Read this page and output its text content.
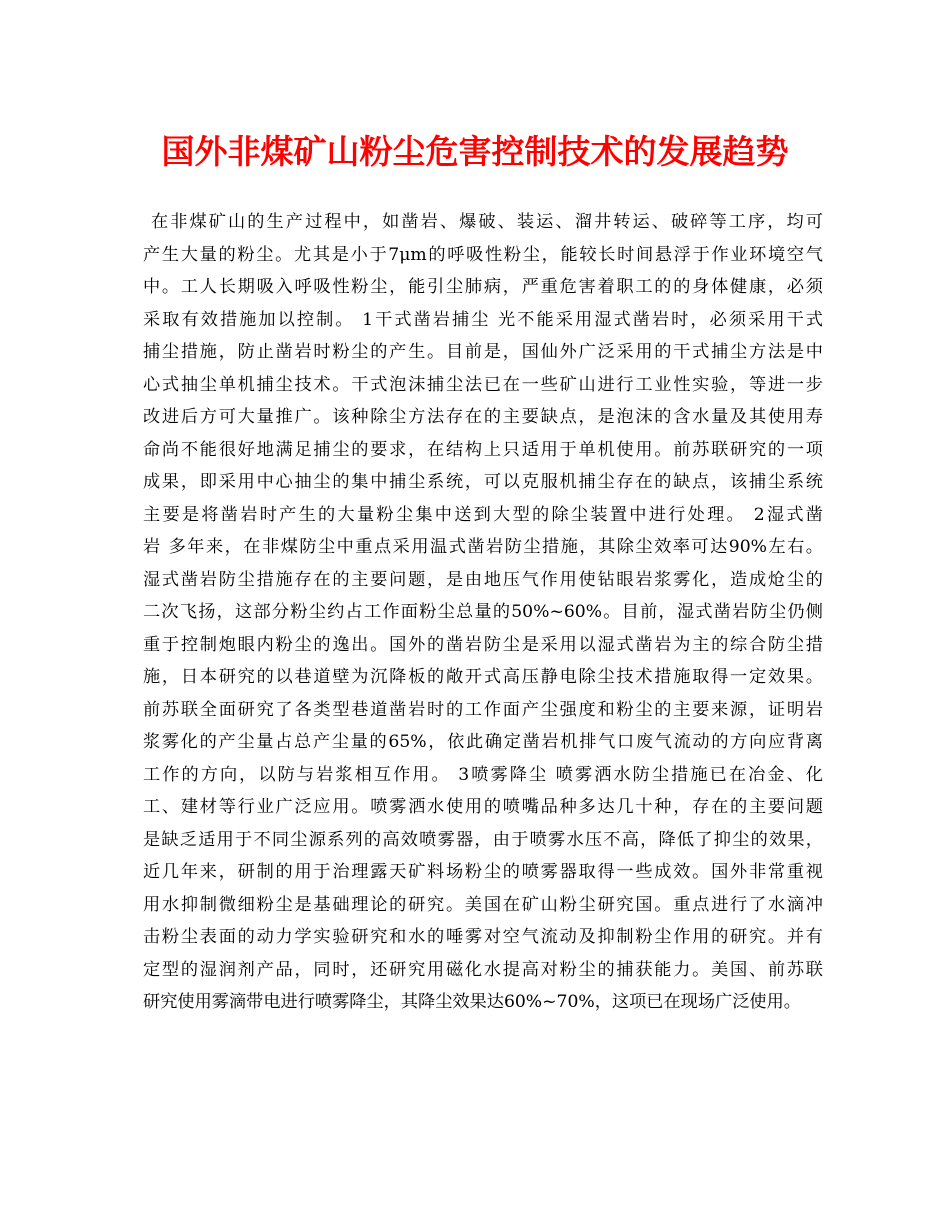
国外非煤矿山粉尘危害控制技术的发展趋势
在非煤矿山的生产过程中，如凿岩、爆破、装运、溜井转运、破碎等工序，均可
产生大量的粉尘。尤其是小于7μm的呼吸性粉尘，能较长时间悬浮于作业环境空气
中。工人长期吸入呼吸性粉尘，能引尘肺病，严重危害着职工的的身体健康，必须
采取有效措施加以控制。 1干式凿岩捕尘 光不能采用湿式凿岩时，必须采用干式
捕尘措施，防止凿岩时粉尘的产生。目前是，国仙外广泛采用的干式捕尘方法是中
心式抽尘单机捕尘技术。干式泡沫捕尘法已在一些矿山进行工业性实验，等进一步
改进后方可大量推广。该种除尘方法存在的主要缺点，是泡沫的含水量及其使用寿
命尚不能很好地满足捕尘的要求，在结构上只适用于单机使用。前苏联研究的一项
成果，即采用中心抽尘的集中捕尘系统，可以克服机捕尘存在的缺点，该捕尘系统
主要是将凿岩时产生的大量粉尘集中送到大型的除尘装置中进行处理。 2湿式凿
岩 多年来，在非煤防尘中重点采用温式凿岩防尘措施，其除尘效率可达90%左右。
湿式凿岩防尘措施存在的主要问题，是由地压气作用使钻眼岩浆雾化，造成炝尘的
二次飞扬，这部分粉尘约占工作面粉尘总量的50%~60%。目前，湿式凿岩防尘仍侧
重于控制炮眼内粉尘的逸出。国外的凿岩防尘是采用以湿式凿岩为主的综合防尘措
施，日本研究的以巷道壁为沉降板的敞开式高压静电除尘技术措施取得一定效果。
前苏联全面研究了各类型巷道凿岩时的工作面产尘强度和粉尘的主要来源，证明岩
浆雾化的产尘量占总产尘量的65%，依此确定凿岩机排气口废气流动的方向应背离
工作的方向，以防与岩浆相互作用。 3喷雾降尘 喷雾洒水防尘措施已在冶金、化
工、建材等行业广泛应用。喷雾洒水使用的喷嘴品种多达几十种，存在的主要问题
是缺乏适用于不同尘源系列的高效喷雾器，由于喷雾水压不高，降低了抑尘的效果，
近几年来，研制的用于治理露天矿料场粉尘的喷雾器取得一些成效。国外非常重视
用水抑制微细粉尘是基础理论的研究。美国在矿山粉尘研究国。重点进行了水滴冲
击粉尘表面的动力学实验研究和水的唾雾对空气流动及抑制粉尘作用的研究。并有
定型的湿润剂产品，同时，还研究用磁化水提高对粉尘的捕获能力。美国、前苏联
研究使用雾滴带电进行喷雾降尘，其降尘效果达60%~70%，这项已在现场广泛使用。
